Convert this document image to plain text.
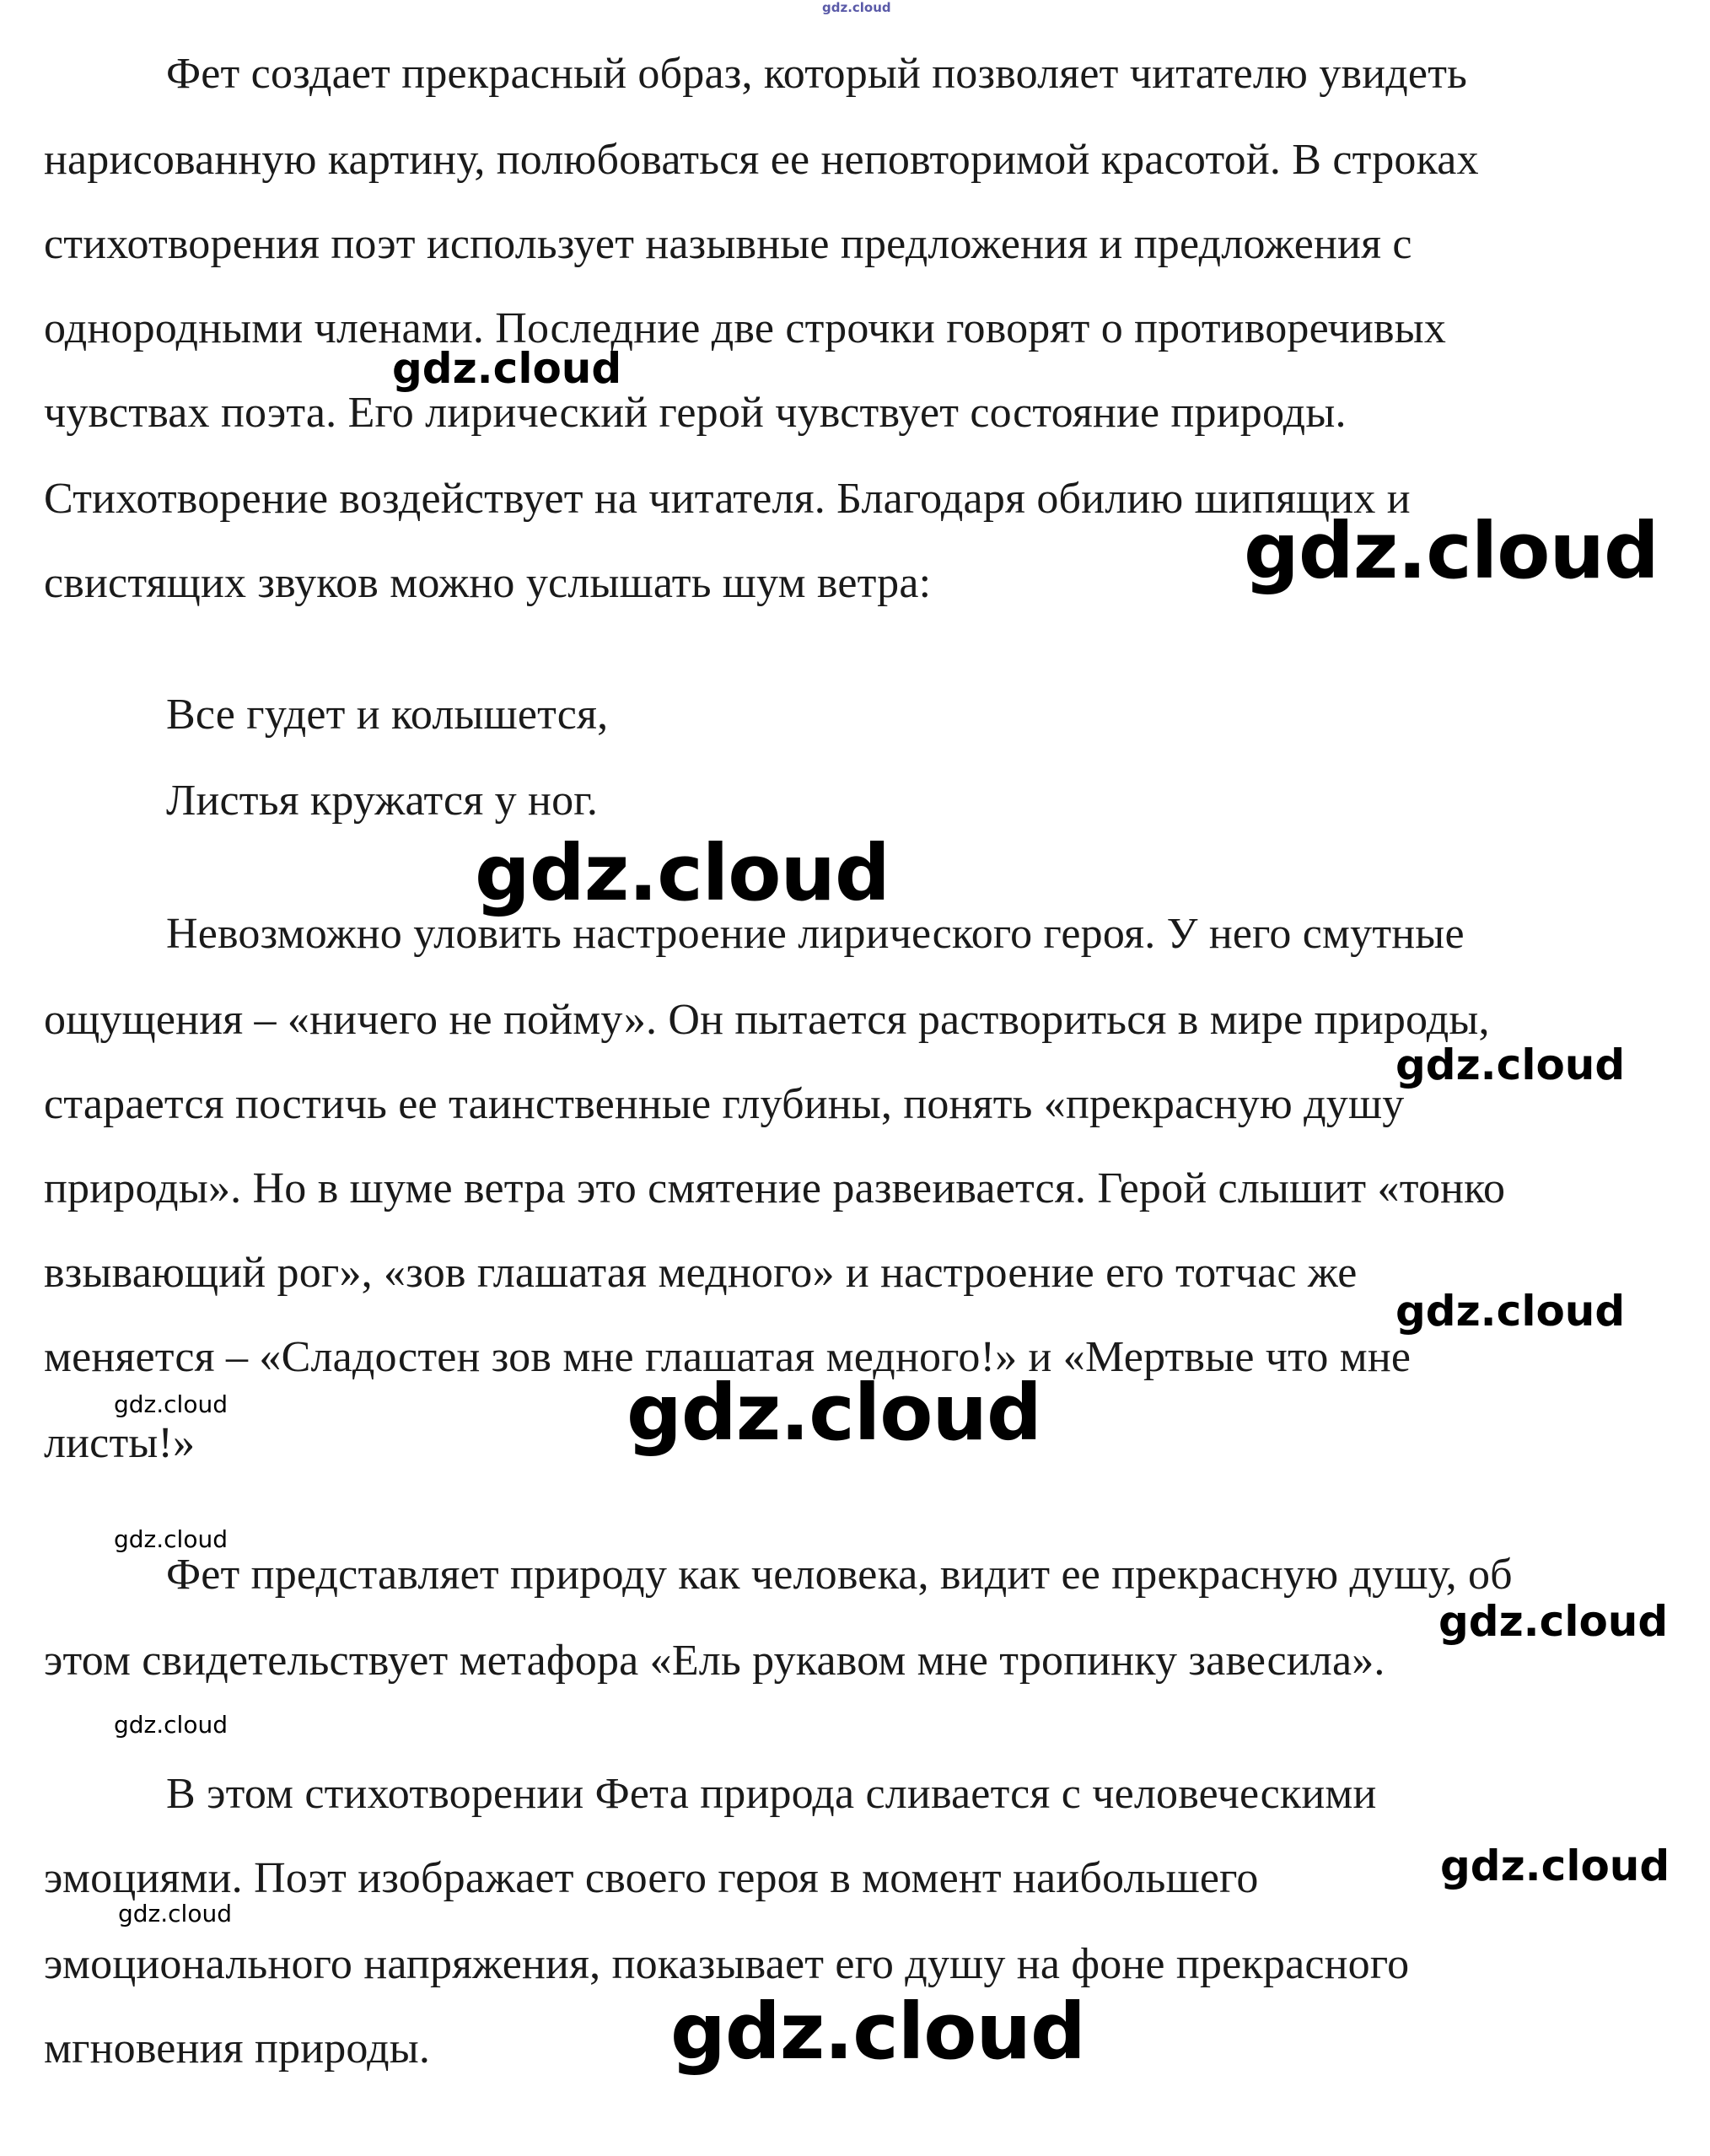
Фет создает прекрасный образ, который позволяет читателю увидеть
нарисованную картину, полюбоваться ее неповторимой красотой. В строках
стихотворения поэт использует назывные предложения и предложения с
однородными членами. Последние две строчки говорят о противоречивых
чувствах поэта. Его лирический герой чувствует состояние природы.
Стихотворение воздействует на читателя. Благодаря обилию шипящих и
свистящих звуков можно услышать шум ветра:
Все гудет и колышется,
Листья кружатся у ног.
Невозможно уловить настроение лирического героя. У него смутные
ощущения – «ничего не пойму». Он пытается раствориться в мире природы,
старается постичь ее таинственные глубины, понять «прекрасную душу
природы». Но в шуме ветра это смятение развеивается. Герой слышит «тонко
взывающий рог», «зов глашатая медного» и настроение его тотчас же
меняется – «Сладостен зов мне глашатая медного!» и «Мертвые что мне
листы!»
Фет представляет природу как человека, видит ее прекрасную душу, об
этом свидетельствует метафора «Ель рукавом мне тропинку завесила».
В этом стихотворении Фета природа сливается с человеческими
эмоциями. Поэт изображает своего героя в момент наибольшего
эмоционального напряжения, показывает его душу на фоне прекрасного
мгновения природы.
gdz.cloud
gdz.cloud
gdz.cloud
gdz.cloud
gdz.cloud
gdz.cloud
gdz.cloud	gdz.cloud
gdz.cloud
gdz.cloud
gdz.cloud
gdz.cloud
gdz.cloud
gdz.cloud
